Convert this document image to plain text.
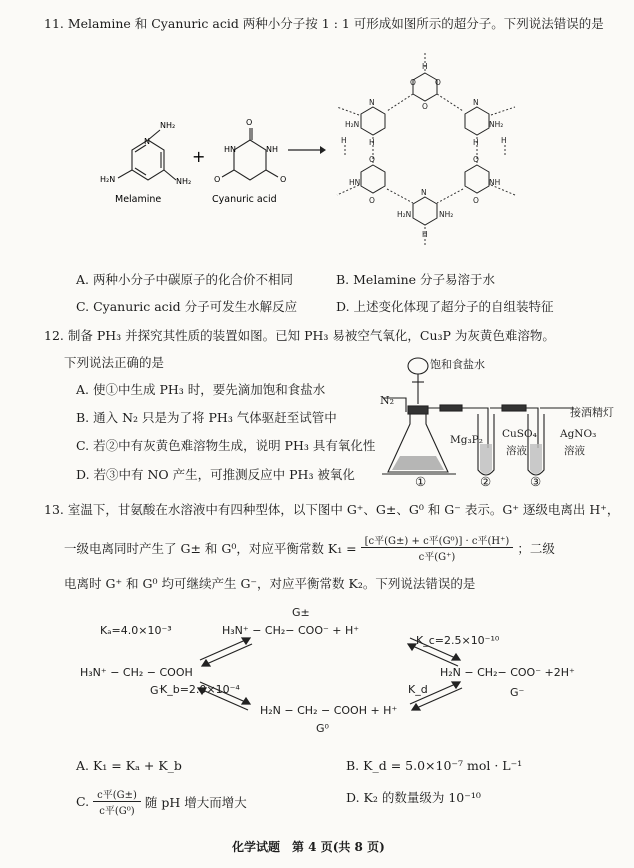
11. Melamine 和 Cyanuric acid 两种小分子按 1 : 1 可形成如图所示的超分子。下列说法错误的是
N
NH₂
NH₂
H₂N
Melamine
+
O
O
O
HN	NH
Cyanuric acid
H
O	O
O
N	N
H₂N	NH₂
H	H
O	O
HN	NH
O	O
N
H₂N	NH₂
H
H	H
A. 两种小分子中碳原子的化合价不相同	B. Melamine 分子易溶于水
C. Cyanuric acid 分子可发生水解反应	D. 上述变化体现了超分子的自组装特征
12. 制备 PH₃ 并探究其性质的装置如图。已知 PH₃ 易被空气氧化，Cu₃P 为灰黄色难溶物。
下列说法正确的是
A. 使①中生成 PH₃ 时，要先滴加饱和食盐水
B. 通入 N₂ 只是为了将 PH₃ 气体驱赶至试管中
C. 若②中有灰黄色难溶物生成，说明 PH₃ 具有氧化性
D. 若③中有 NO 产生，可推测反应中 PH₃ 被氧化
饱和食盐水
N₂
接酒精灯
Mg₃P₂ CuSO₄
溶液
AgNO₃
溶液
①	②	③
13. 室温下，甘氨酸在水溶液中有四种型体，以下图中 G⁺、G±、G⁰ 和 G⁻ 表示。G⁺ 逐级电离出 H⁺，
一级电离同时产生了 G± 和 G⁰，对应平衡常数 $K_1 = \frac{\text{[c平(G±) + c平(G⁰)] · c平(H⁺)}}{\text{c平(G⁺)}}$ ；二级
电离时 G⁺ 和 G⁰ 均可继续产生 G⁻，对应平衡常数 K₂。下列说法错误的是
G±
H₃N⁺ − CH₂− COO⁻ + H⁺
Kₐ=4.0×10⁻³
K_c=2.5×10⁻¹⁰
H₃N⁺ − CH₂ − COOH
G⁺
H₂N − CH₂− COO⁻ +2H⁺
G⁻
K_b=2.0×10⁻⁴	K_d
H₂N − CH₂ − COOH + H⁺
G⁰
A. K₁ = Kₐ + K_b	B. K_d = 5.0×10⁻⁷ mol · L⁻¹
C. $\frac{\text{c平(G±)}}{\text{c平(G⁰)}}$ 随 pH 增大而增大	D. K₂ 的数量级为 10⁻¹⁰
化学试题　第 4 页(共 8 页)
